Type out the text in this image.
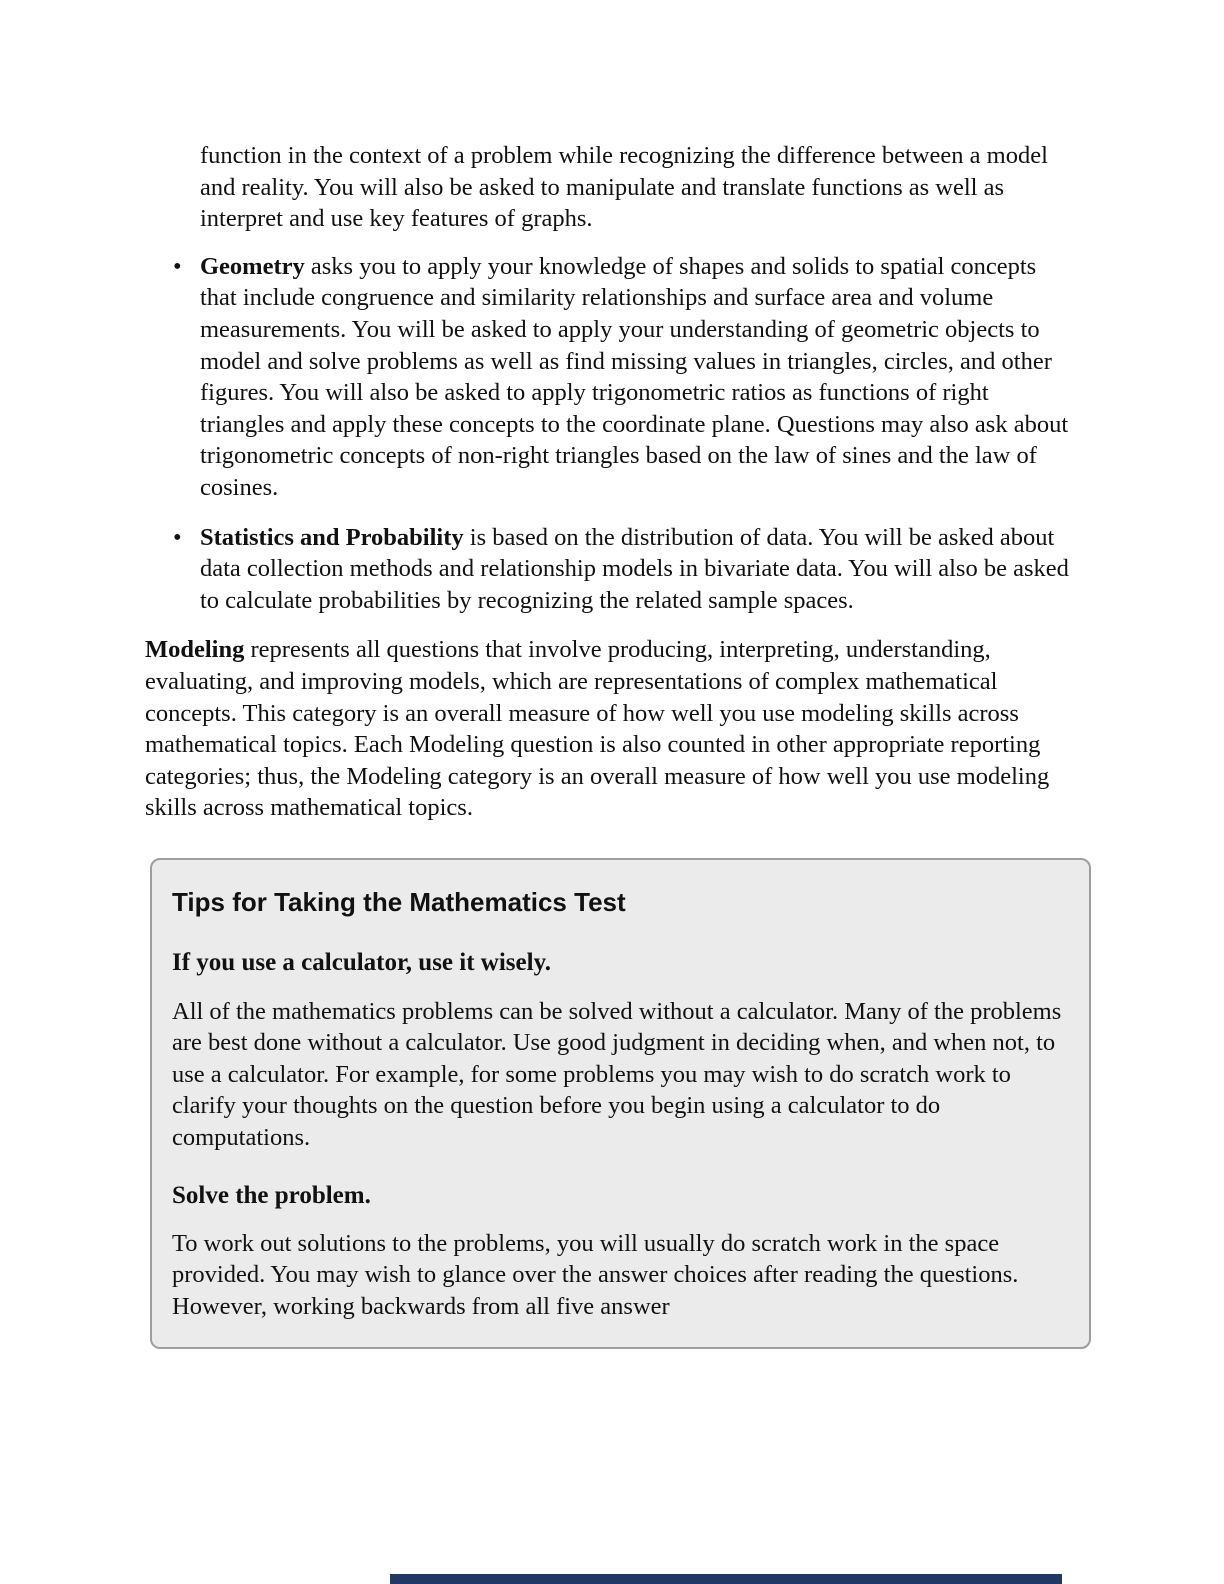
function in the context of a problem while recognizing the difference between a model and reality. You will also be asked to manipulate and translate functions as well as interpret and use key features of graphs.

• Geometry asks you to apply your knowledge of shapes and solids to spatial concepts that include congruence and similarity relationships and surface area and volume measurements. You will be asked to apply your understanding of geometric objects to model and solve problems as well as find missing values in triangles, circles, and other figures. You will also be asked to apply trigonometric ratios as functions of right triangles and apply these concepts to the coordinate plane. Questions may also ask about trigonometric concepts of non-right triangles based on the law of sines and the law of cosines.
• Statistics and Probability is based on the distribution of data. You will be asked about data collection methods and relationship models in bivariate data. You will also be asked to calculate probabilities by recognizing the related sample spaces.

Modeling represents all questions that involve producing, interpreting, understanding, evaluating, and improving models, which are representations of complex mathematical concepts. This category is an overall measure of how well you use modeling skills across mathematical topics. Each Modeling question is also counted in other appropriate reporting categories; thus, the Modeling category is an overall measure of how well you use modeling skills across mathematical topics.

Tips for Taking the Mathematics Test
If you use a calculator, use it wisely.

All of the mathematics problems can be solved without a calculator. Many of the problems are best done without a calculator. Use good judgment in deciding when, and when not, to use a calculator. For example, for some problems you may wish to do scratch work to clarify your thoughts on the question before you begin using a calculator to do computations.

Solve the problem.

To work out solutions to the problems, you will usually do scratch work in the space provided. You may wish to glance over the answer choices after reading the questions. However, working backwards from all five answer
